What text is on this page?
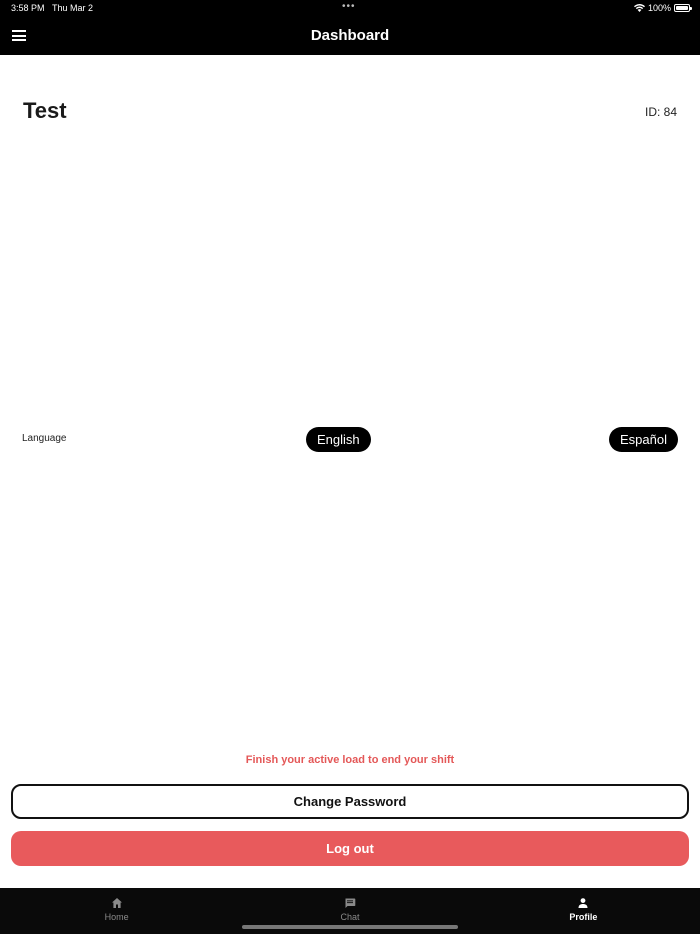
3:58 PM Thu Mar 2	•••	100%
Dashboard
Test	ID: 84
Language	English	Español
Finish your active load to end your shift
Change Password
Log out
Home	Chat	Profile
